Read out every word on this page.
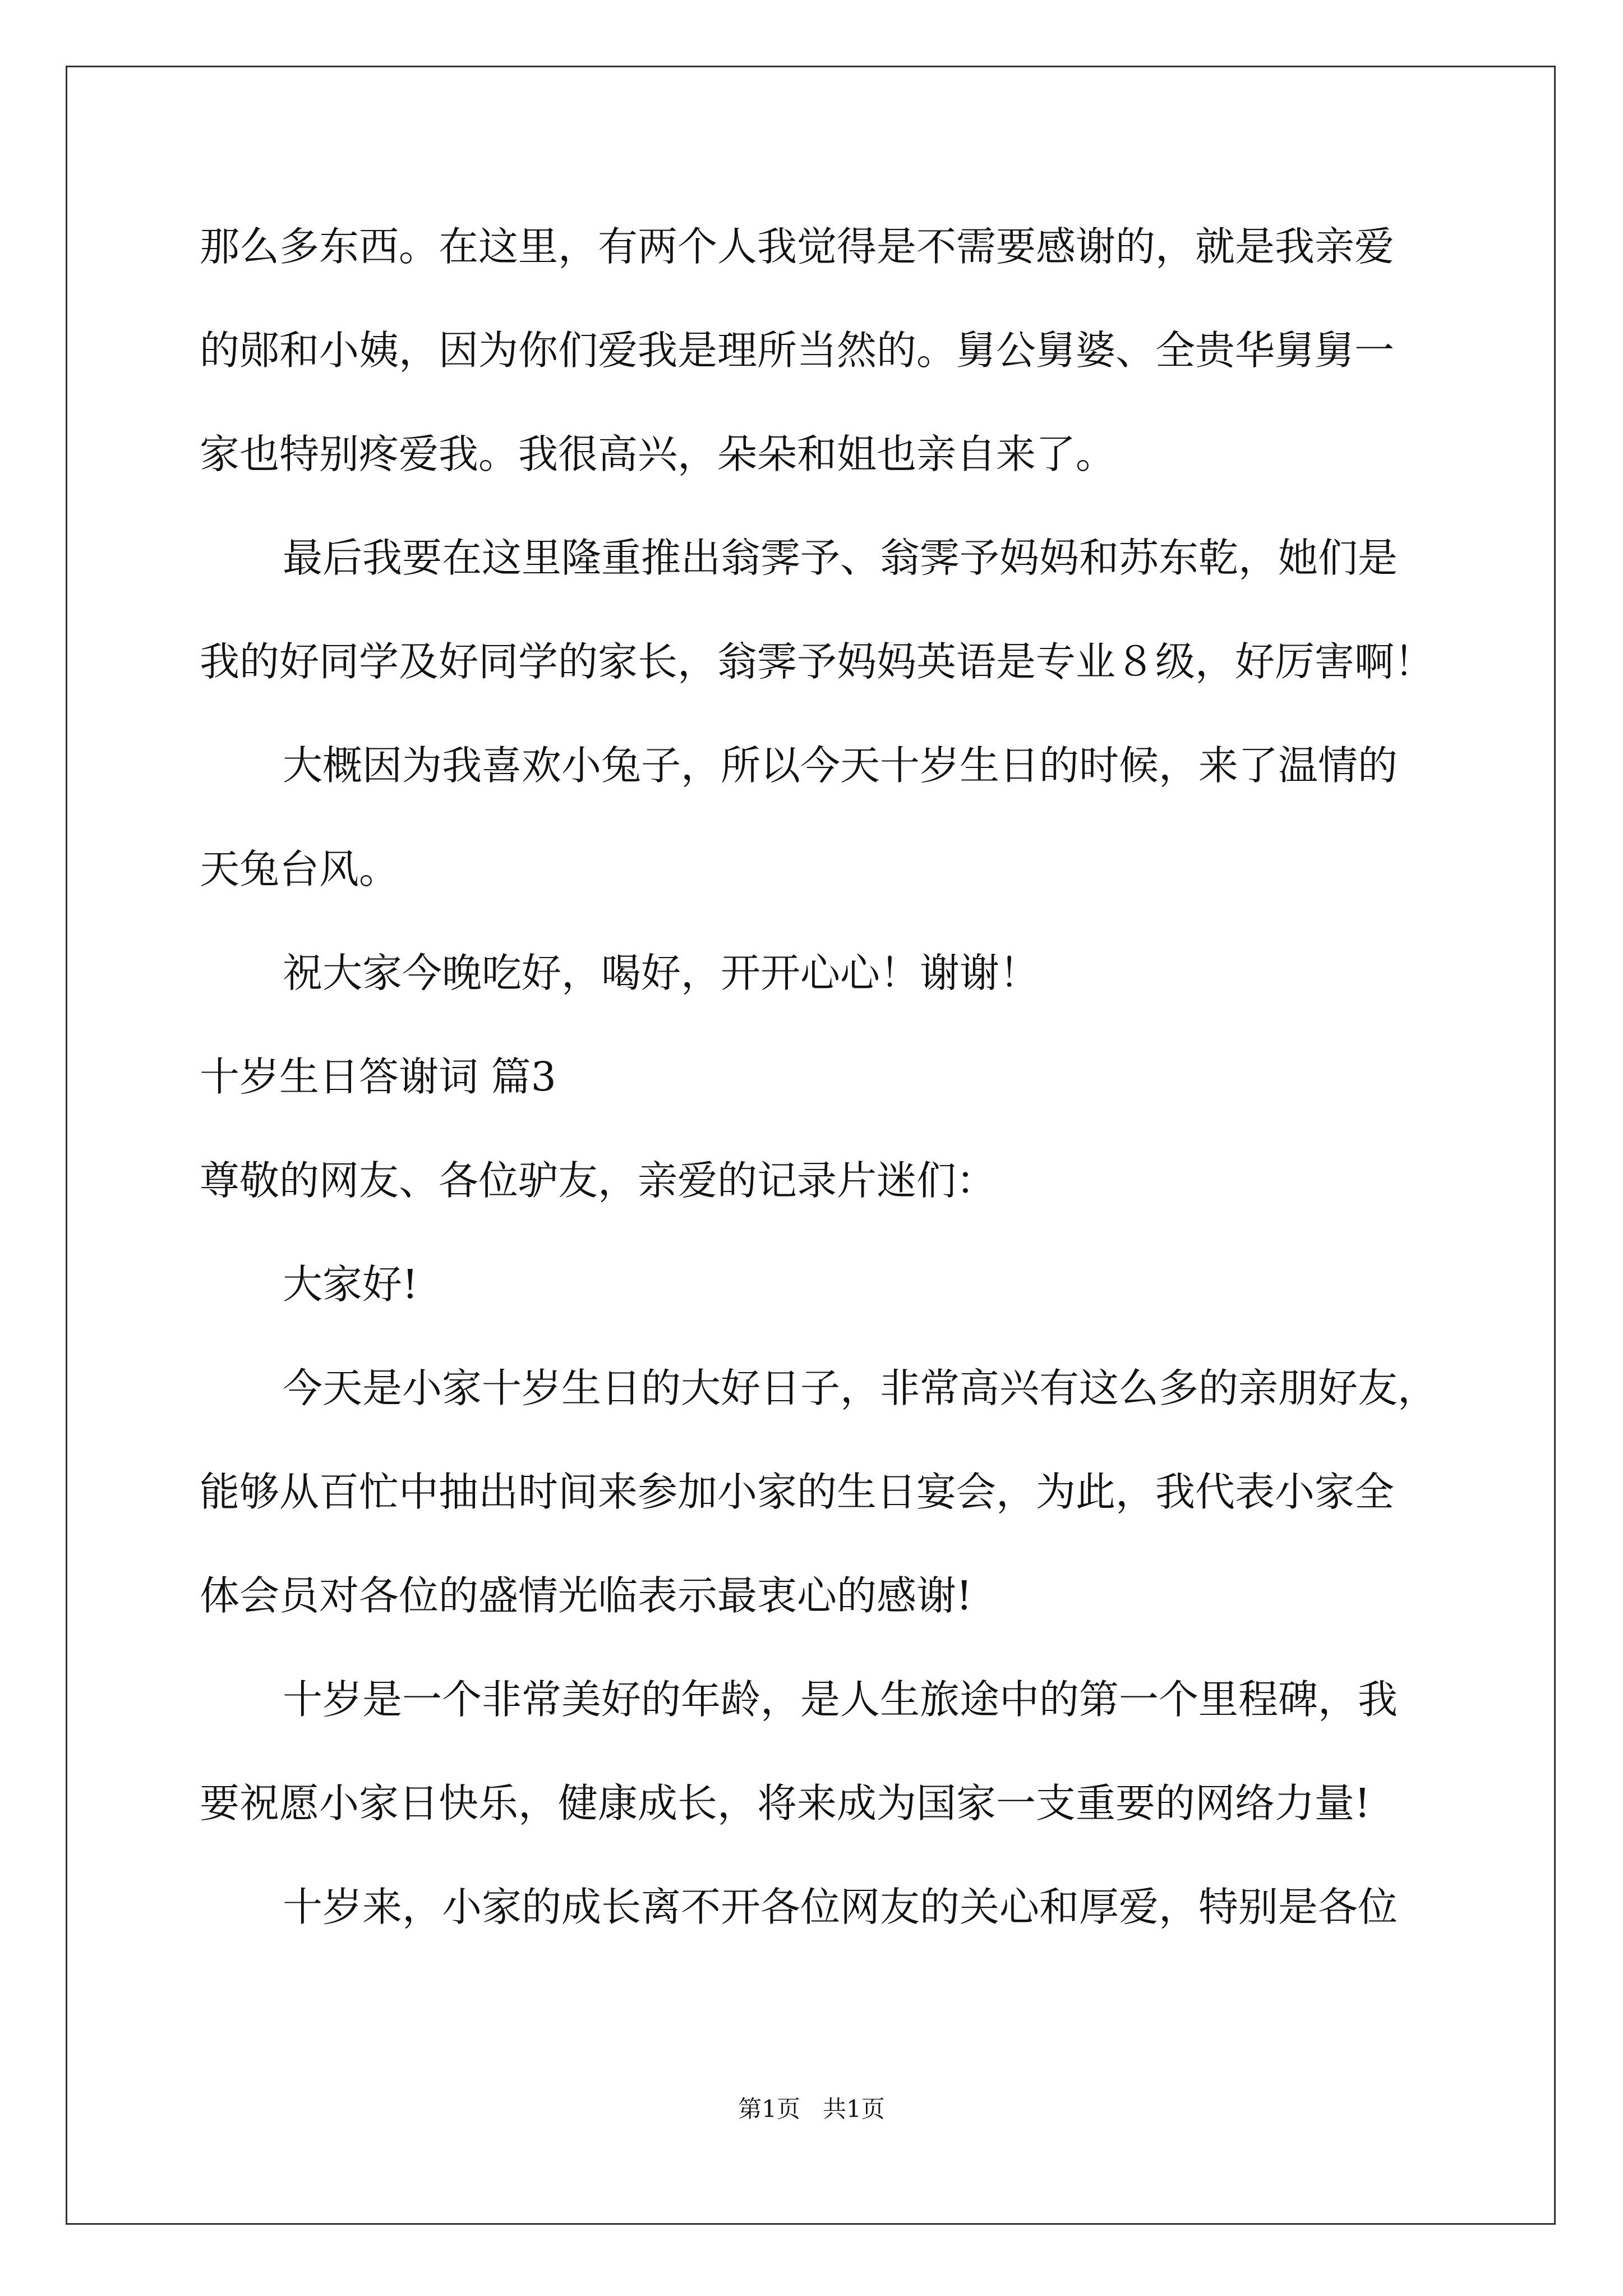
那么多东西。在这里，有两个人我觉得是不需要感谢的，就是我亲爱
的郧和小姨，因为你们爱我是理所当然的。舅公舅婆、全贵华舅舅一
家也特别疼爱我。我很高兴，朵朵和姐也亲自来了。
最后我要在这里隆重推出翁霁予、翁霁予妈妈和苏东乾，她们是
我的好同学及好同学的家长，翁霁予妈妈英语是专业８级，好厉害啊！
大概因为我喜欢小兔子，所以今天十岁生日的时候，来了温情的
天兔台风。
祝大家今晚吃好，喝好，开开心心！谢谢！
十岁生日答谢词 篇3
尊敬的网友、各位驴友，亲爱的记录片迷们：
大家好!
今天是小家十岁生日的大好日子，非常高兴有这么多的亲朋好友，
能够从百忙中抽出时间来参加小家的生日宴会，为此，我代表小家全
体会员对各位的盛情光临表示最衷心的感谢!
十岁是一个非常美好的年龄，是人生旅途中的第一个里程碑，我
要祝愿小家日快乐，健康成长，将来成为国家一支重要的网络力量!
十岁来，小家的成长离不开各位网友的关心和厚爱，特别是各位
第1页   共1页
